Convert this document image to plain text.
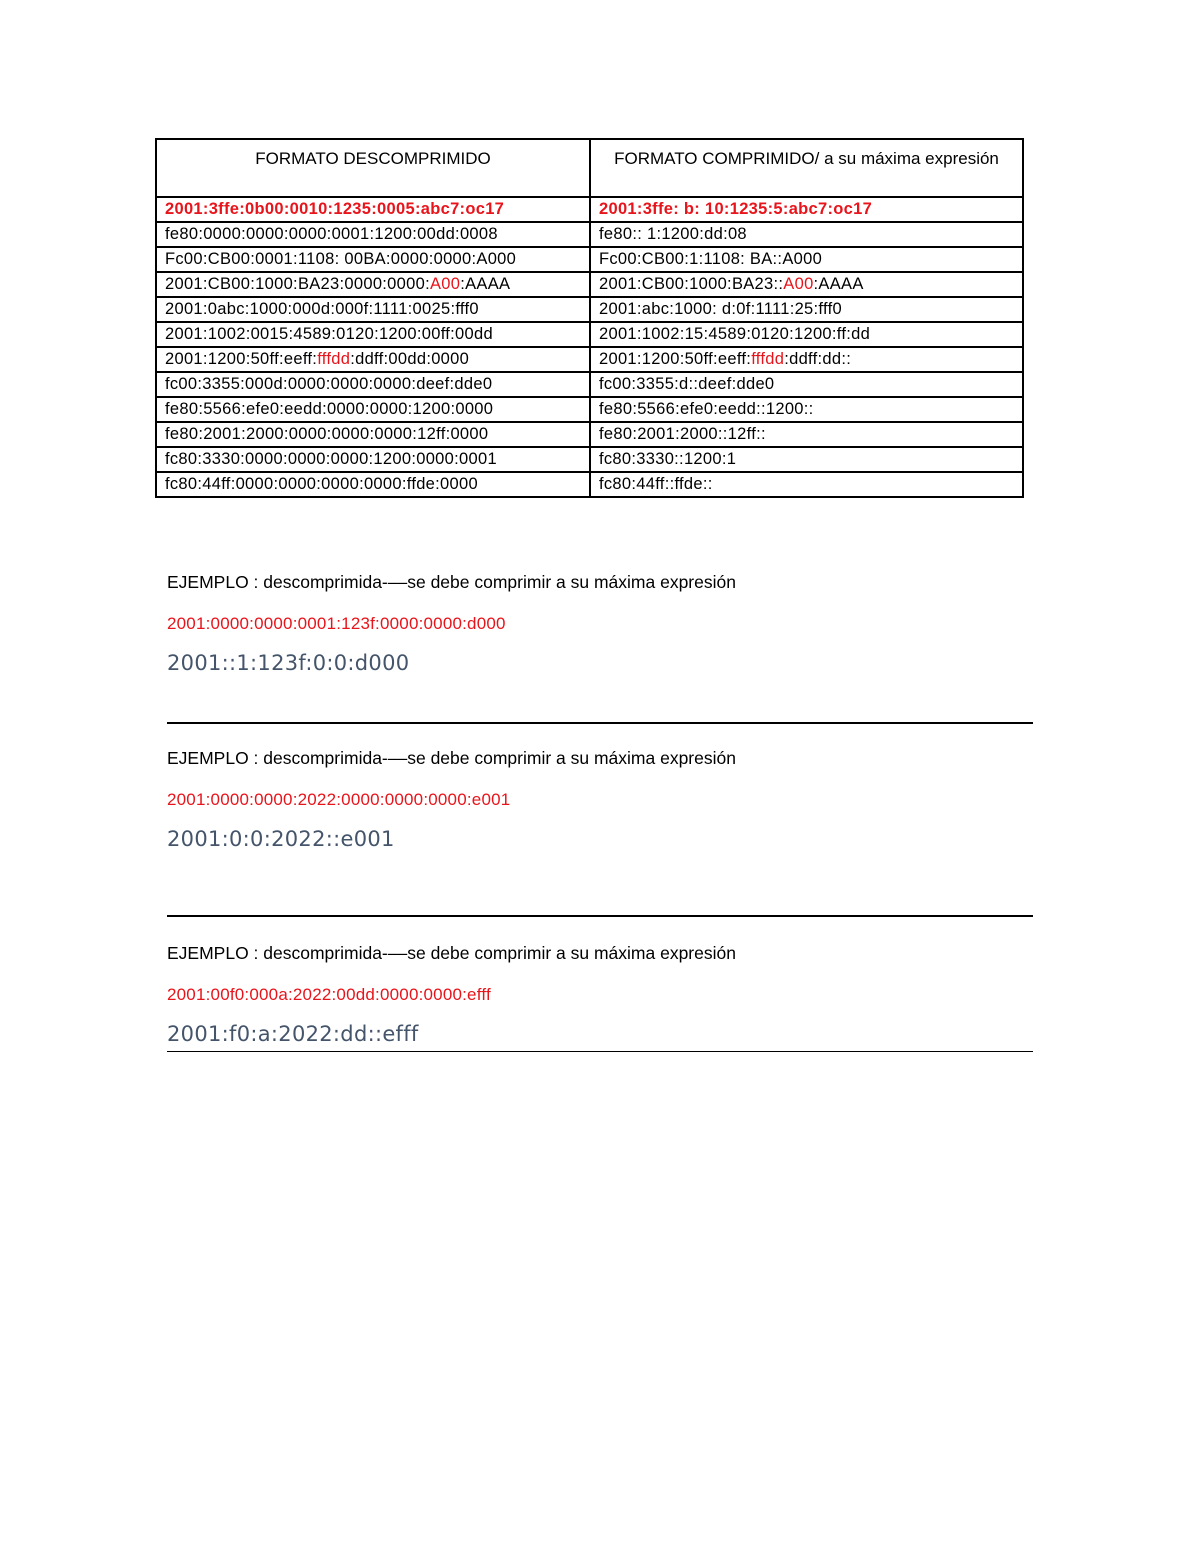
FORMATO DESCOMPRIMIDO	FORMATO COMPRIMIDO/ a su máxima expresión
2001:3ffe:0b00:0010:1235:0005:abc7:oc17	2001:3ffe: b: 10:1235:5:abc7:oc17
fe80:0000:0000:0000:0001:1200:00dd:0008	fe80:: 1:1200:dd:08
Fc00:CB00:0001:1108: 00BA:0000:0000:A000	Fc00:CB00:1:1108: BA::A000
2001:CB00:1000:BA23:0000:0000:A00:AAAA	2001:CB00:1000:BA23::A00:AAAA
2001:0abc:1000:000d:000f:1111:0025:fff0	2001:abc:1000: d:0f:1111:25:fff0
2001:1002:0015:4589:0120:1200:00ff:00dd	2001:1002:15:4589:0120:1200:ff:dd
2001:1200:50ff:eeff:fffdd:ddff:00dd:0000	2001:1200:50ff:eeff:fffdd:ddff:dd::
fc00:3355:000d:0000:0000:0000:deef:dde0	fc00:3355:d::deef:dde0
fe80:5566:efe0:eedd:0000:0000:1200:0000	fe80:5566:efe0:eedd::1200::
fe80:2001:2000:0000:0000:0000:12ff:0000	fe80:2001:2000::12ff::
fc80:3330:0000:0000:0000:1200:0000:0001	fc80:3330::1200:1
fc80:44ff:0000:0000:0000:0000:ffde:0000	fc80:44ff::ffde::

EJEMPLO : descomprimida-––se debe comprimir a su máxima expresión

2001:0000:0000:0001:123f:0000:0000:d000

2001::1:123f:0:0:d000

EJEMPLO : descomprimida-––se debe comprimir a su máxima expresión

2001:0000:0000:2022:0000:0000:0000:e001

2001:0:0:2022::e001

EJEMPLO : descomprimida-––se debe comprimir a su máxima expresión

2001:00f0:000a:2022:00dd:0000:0000:efff

2001:f0:a:2022:dd::efff
